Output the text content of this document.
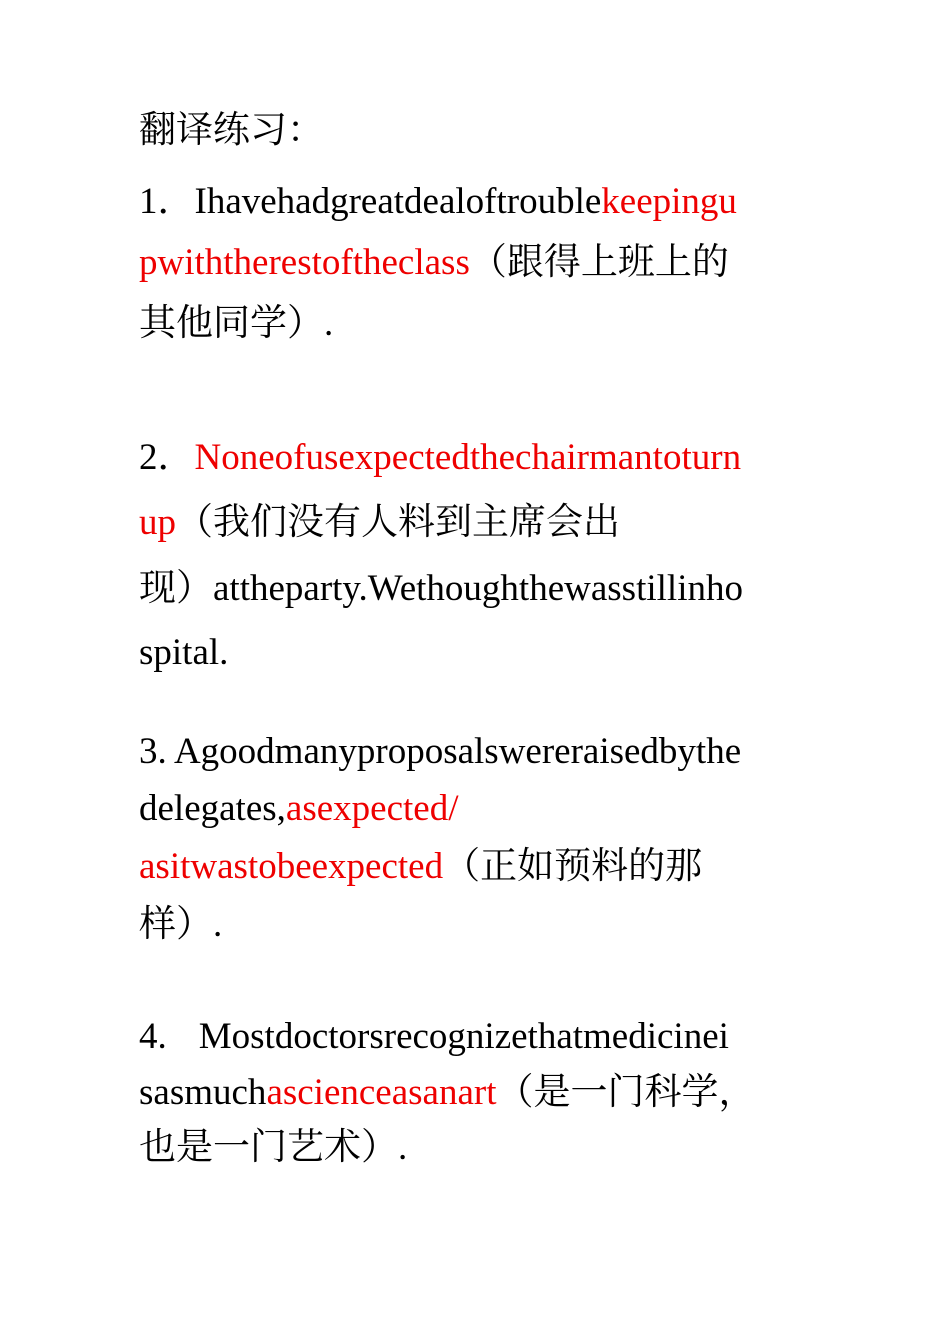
翻译练习：
1．Ihavehadgreatdealoftroublekeepingu
pwiththerestoftheclass（跟得上班上的
其他同学）.
2．Noneofusexpectedthechairmantoturn
up（我们没有人料到主席会出
现）attheparty.Wethoughthewasstillinho
spital.
3. Agoodmanyproposalswereraisedbythe
delegates,asexpected/
asitwastobeexpected（正如预料的那
样）.
4. Mostdoctorsrecognizethatmedicinei
sasmuchascienceasanart（是一门科学，
也是一门艺术）.
